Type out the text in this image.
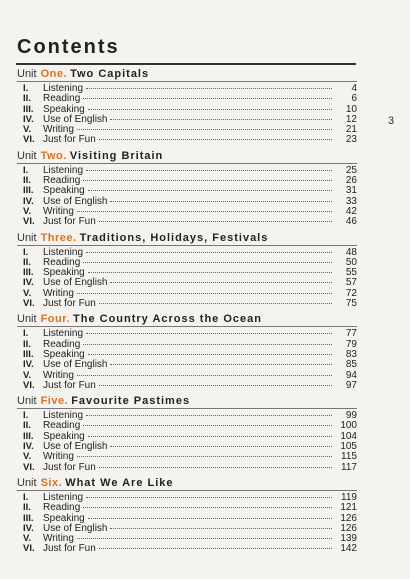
Contents
3
Unit One. Two Capitals
I.	Listening	4
II.	Reading	6
III. Speaking	10
IV. Use of English	12
V.	Writing	21
VI. Just for Fun	23
Unit Two. Visiting Britain
I.	Listening	25
II.	Reading	26
III. Speaking	31
IV. Use of English	33
V.	Writing	42
VI. Just for Fun	46
Unit Three. Traditions, Holidays, Festivals
I.	Listening	48
II.	Reading	50
III. Speaking	55
IV. Use of English	57
V.	Writing	72
VI. Just for Fun	75
Unit Four. The Country Across the Ocean
I.	Listening	77
II.	Reading	79
III. Speaking	83
IV. Use of English	85
V.	Writing	94
VI. Just for Fun	97
Unit Five. Favourite Pastimes
I.	Listening	99
II.	Reading	100
III. Speaking	104
IV. Use of English	105
V.	Writing	115
VI. Just for Fun	117
Unit Six. What We Are Like
I.	Listening	119
II.	Reading	121
III. Speaking	126
IV. Use of English	126
V.	Writing	139
VI. Just for Fun	142
